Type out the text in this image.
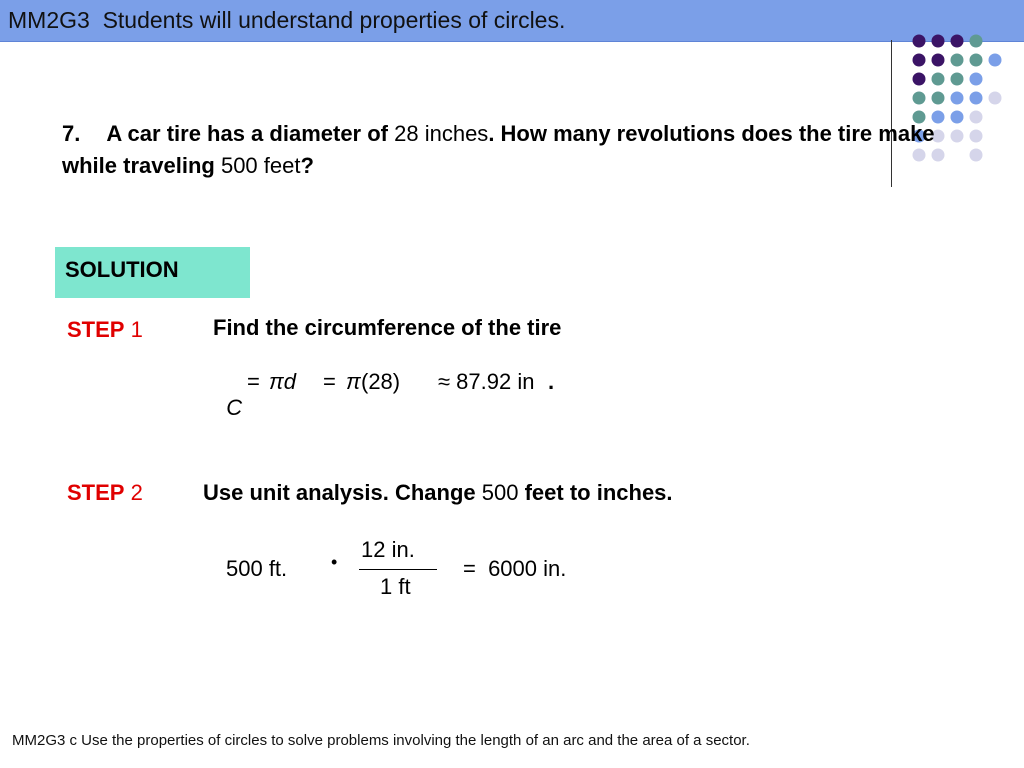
MM2G3  Students will understand properties of circles.
7. A car tire has a diameter of 28 inches. How many revolutions does the tire make while traveling 500 feet?
SOLUTION
STEP 1	Find the circumference of the tire

C

=

πd

=

π

(28)

≈ 87.92 in .

STEP 2	Use unit analysis. Change 500 feet to inches.
500 ft. • 12 in.
1 ft
=  6000 in.
MM2G3 c Use the properties of circles to solve problems involving the length of an arc and the area of a sector.
